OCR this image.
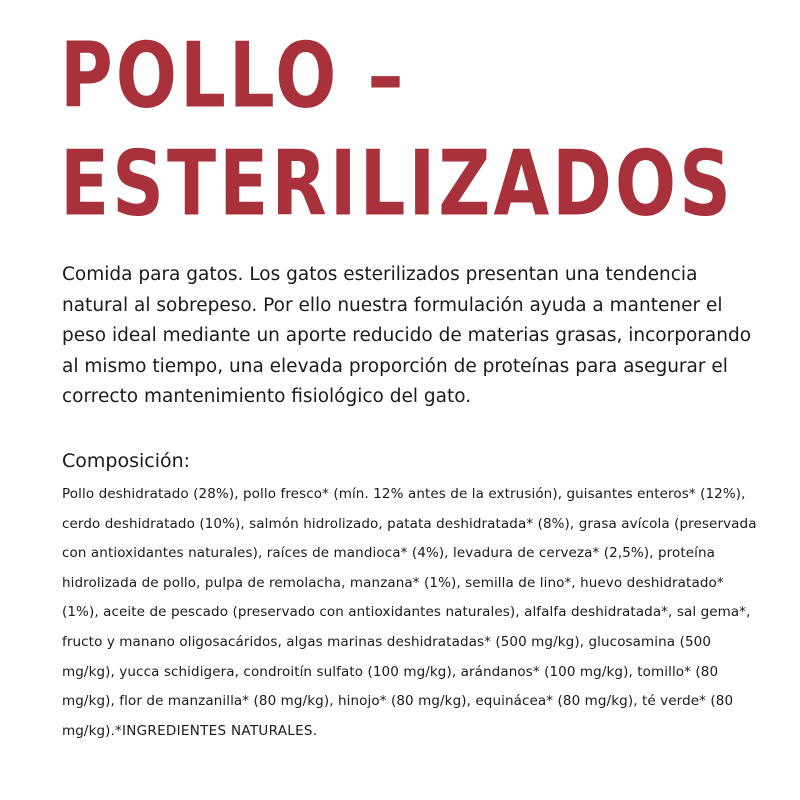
POLLO –
ESTERILIZADOS

Comida para gatos. Los gatos esterilizados presentan una tendencia natural al sobrepeso. Por ello nuestra formulación ayuda a mantener el peso ideal mediante un aporte reducido de materias grasas, incorporando al mismo tiempo, una elevada proporción de proteínas para asegurar el correcto mantenimiento fisiológico del gato.

Composición:

Pollo deshidratado (28%), pollo fresco* (mín. 12% antes de la extrusión), guisantes enteros* (12%), cerdo deshidratado (10%), salmón hidrolizado, patata deshidratada* (8%), grasa avícola (preservada con antioxidantes naturales), raíces de mandioca* (4%), levadura de cerveza* (2,5%), proteína hidrolizada de pollo, pulpa de remolacha, manzana* (1%), semilla de lino*, huevo deshidratado* (1%), aceite de pescado (preservado con antioxidantes naturales), alfalfa deshidratada*, sal gema*, fructo y manano oligosacáridos, algas marinas deshidratadas* (500 mg/kg), glucosamina (500 mg/kg), yucca schidigera, condroitín sulfato (100 mg/kg), arándanos* (100 mg/kg), tomillo* (80 mg/kg), flor de manzanilla* (80 mg/kg), hinojo* (80 mg/kg), equinácea* (80 mg/kg), té verde* (80 mg/kg).*INGREDIENTES NATURALES.
